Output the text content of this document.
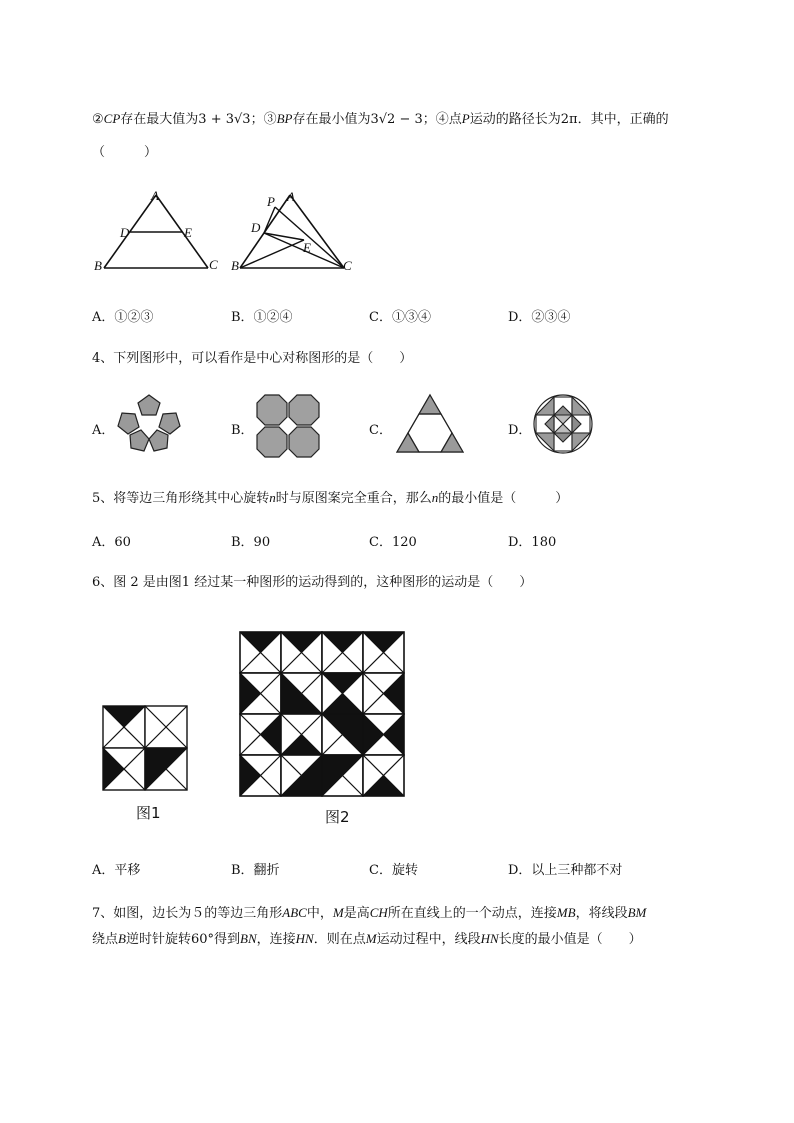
②CP存在最大值为3 + 3√3；③BP存在最小值为3√2 − 3；④点P运动的路径长为2π．其中，正确的
（　　　）
A
D	E
B	C
P A
D
E
B	C
A．①②③	B．①②④	C．①③④	D．②③④
4、下列图形中，可以看作是中心对称图形的是（　　）
A．	B．	C．	D．
5、将等边三角形绕其中心旋转n时与原图案完全重合，那么n的最小值是（　　　）
A．60	B．90	C．120	D．180
6、图 2 是由图1 经过某一种图形的运动得到的，这种图形的运动是（　　）
图1	图2
A．平移	B．翻折	C．旋转	D．以上三种都不对
7、如图，边长为５的等边三角形ABC中，M是高CH所在直线上的一个动点，连接MB，将线段BM
绕点B逆时针旋转60°得到BN，连接HN．则在点M运动过程中，线段HN长度的最小值是（　　）
